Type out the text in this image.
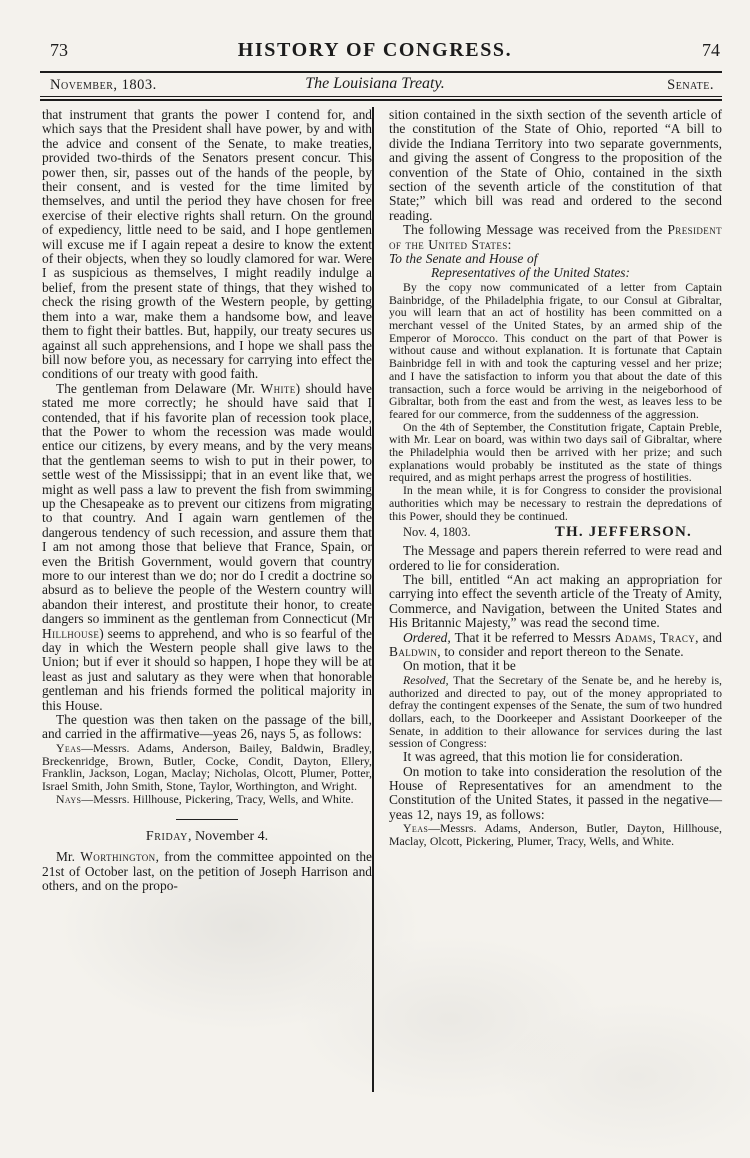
73	HISTORY OF CONGRESS.	74
November, 1803.	The Louisiana Treaty.	Senate.

that instrument that grants the power I contend for, and which says that the President shall have power, by and with the advice and consent of the Senate, to make treaties, provided two-thirds of the Senators present concur. This power then, sir, passes out of the hands of the people, by their consent, and is vested for the time limited by themselves, and until the period they have chosen for free exercise of their elective rights shall return. On the ground of expediency, little need to be said, and I hope gentlemen will excuse me if I again repeat a desire to know the extent of their objects, when they so loudly clamored for war. Were I as suspicious as themselves, I might readily indulge a belief, from the present state of things, that they wished to check the rising growth of the Western people, by getting them into a war, make them a handsome bow, and leave them to fight their battles. But, happily, our treaty secures us against all such apprehensions, and I hope we shall pass the bill now before you, as necessary for carrying into effect the conditions of our treaty with good faith.

The gentleman from Delaware (Mr. White) should have stated me more correctly; he should have said that I contended, that if his favorite plan of recession took place, that the Power to whom the recession was made would entice our citizens, by every means, and by the very means that the gentleman seems to wish to put in their power, to settle west of the Mississippi; that in an event like that, we might as well pass a law to prevent the fish from swimming up the Chesapeake as to prevent our citizens from migrating to that country. And I again warn gentlemen of the dangerous tendency of such recession, and assure them that I am not among those that believe that France, Spain, or even the British Government, would govern that country more to our interest than we do; nor do I credit a doctrine so absurd as to believe the people of the Western country will abandon their interest, and prostitute their honor, to create dangers so imminent as the gentleman from Connecticut (Mr Hillhouse) seems to apprehend, and who is so fearful of the day in which the Western people shall give laws to the Union; but if ever it should so happen, I hope they will be at least as just and salutary as they were when that honorable gentleman and his friends formed the political majority in this House.

The question was then taken on the passage of the bill, and carried in the affirmative—yeas 26, nays 5, as follows:

Yeas—Messrs. Adams, Anderson, Bailey, Baldwin, Bradley, Breckenridge, Brown, Butler, Cocke, Condit, Dayton, Ellery, Franklin, Jackson, Logan, Maclay; Nicholas, Olcott, Plumer, Potter, Israel Smith, John Smith, Stone, Taylor, Worthington, and Wright.

Nays—Messrs. Hillhouse, Pickering, Tracy, Wells, and White.

Friday, November 4.

Mr. Worthington, from the committee appointed on the 21st of October last, on the petition of Joseph Harrison and others, and on the propo-

sition contained in the sixth section of the seventh article of the constitution of the State of Ohio, reported “A bill to divide the Indiana Territory into two separate governments, and giving the assent of Congress to the proposition of the convention of the State of Ohio, contained in the sixth section of the seventh article of the constitution of that State;” which bill was read and ordered to the second reading.

The following Message was received from the President of the United States:

To the Senate and House of

Representatives of the United States:

By the copy now communicated of a letter from Captain Bainbridge, of the Philadelphia frigate, to our Consul at Gibraltar, you will learn that an act of hostility has been committed on a merchant vessel of the United States, by an armed ship of the Emperor of Morocco. This conduct on the part of that Power is without cause and without explanation. It is fortunate that Captain Bainbridge fell in with and took the capturing vessel and her prize; and I have the satisfaction to inform you that about the date of this transaction, such a force would be arriving in the neigeborhood of Gibraltar, both from the east and from the west, as leaves less to be feared for our commerce, from the suddenness of the aggression.

On the 4th of September, the Constitution frigate, Captain Preble, with Mr. Lear on board, was within two days sail of Gibraltar, where the Philadelphia would then be arrived with her prize; and such explanations would probably be instituted as the state of things required, and as might perhaps arrest the progress of hostilities.

In the mean while, it is for Congress to consider the provisional authorities which may be necessary to restrain the depredations of this Power, should they be continued.

Nov. 4, 1803.	TH. JEFFERSON.

The Message and papers therein referred to were read and ordered to lie for consideration.

The bill, entitled “An act making an appropriation for carrying into effect the seventh article of the Treaty of Amity, Commerce, and Navigation, between the United States and His Britannic Majesty,” was read the second time.

Ordered, That it be referred to Messrs Adams, Tracy, and Baldwin, to consider and report thereon to the Senate.

On motion, that it be

Resolved, That the Secretary of the Senate be, and he hereby is, authorized and directed to pay, out of the money appropriated to defray the contingent expenses of the Senate, the sum of two hundred dollars, each, to the Doorkeeper and Assistant Doorkeeper of the Senate, in addition to their allowance for services during the last session of Congress:

It was agreed, that this motion lie for consideration.

On motion to take into consideration the resolution of the House of Representatives for an amendment to the Constitution of the United States, it passed in the negative—yeas 12, nays 19, as follows:

Yeas—Messrs. Adams, Anderson, Butler, Dayton, Hillhouse, Maclay, Olcott, Pickering, Plumer, Tracy, Wells, and White.
